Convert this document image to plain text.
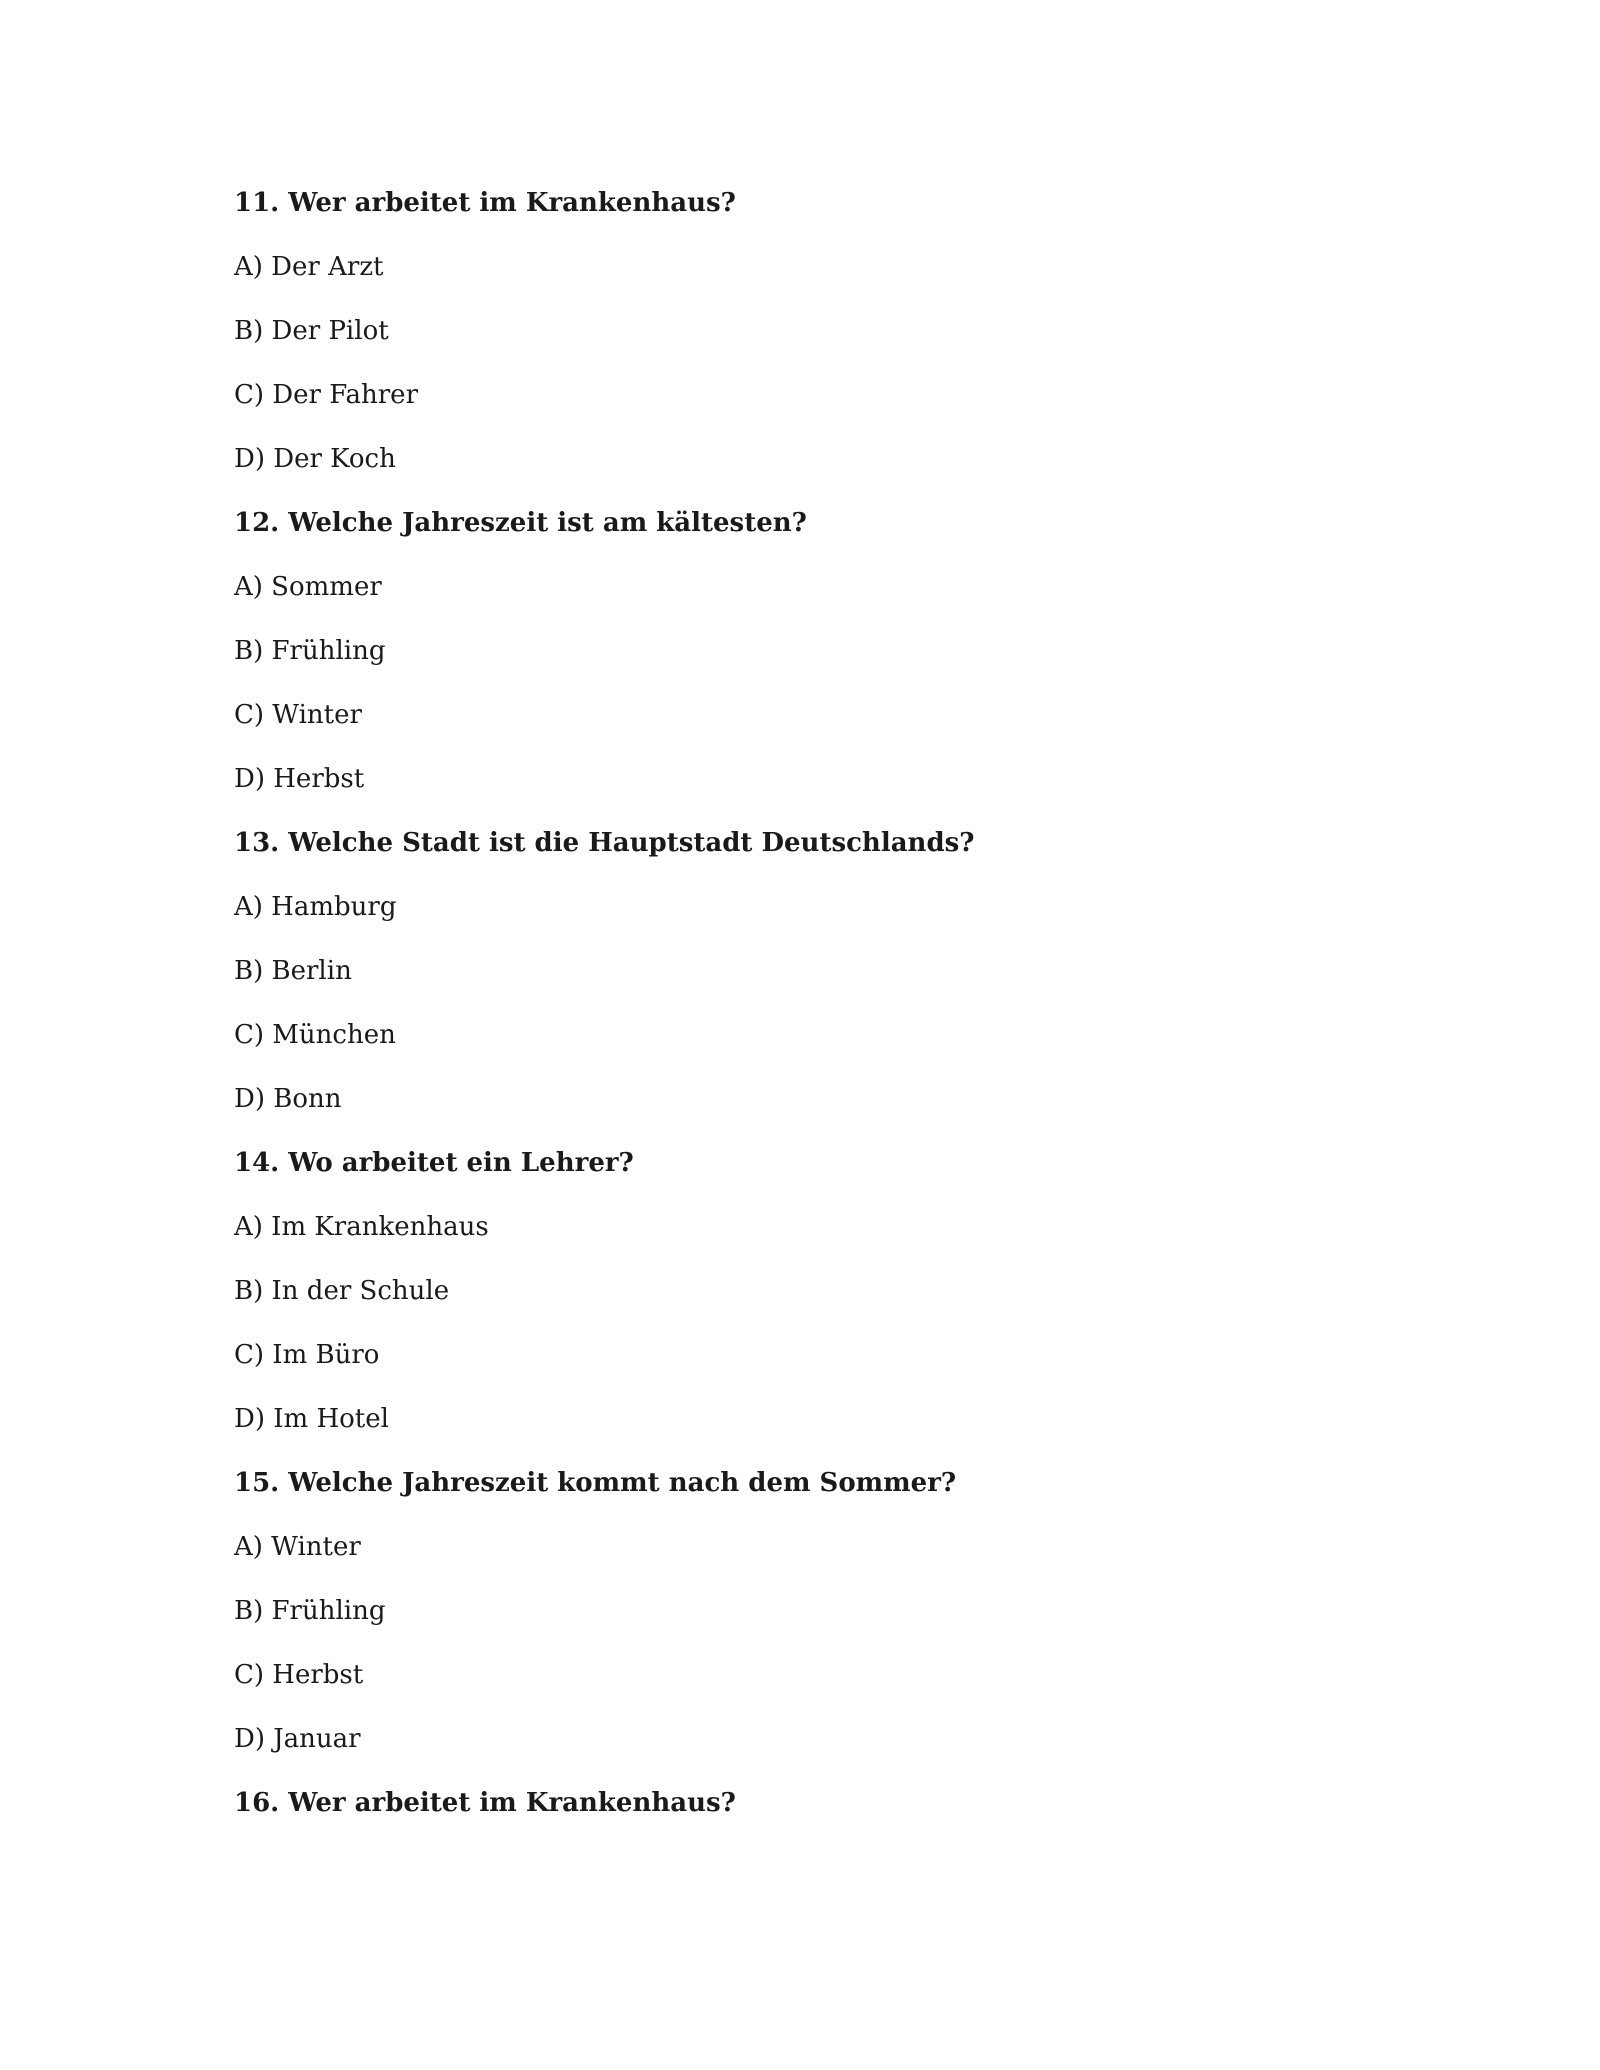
11. Wer arbeitet im Krankenhaus?
A) Der Arzt
B) Der Pilot
C) Der Fahrer
D) Der Koch
12. Welche Jahreszeit ist am kältesten?
A) Sommer
B) Frühling
C) Winter
D) Herbst
13. Welche Stadt ist die Hauptstadt Deutschlands?
A) Hamburg
B) Berlin
C) München
D) Bonn
14. Wo arbeitet ein Lehrer?
A) Im Krankenhaus
B) In der Schule
C) Im Büro
D) Im Hotel
15. Welche Jahreszeit kommt nach dem Sommer?
A) Winter
B) Frühling
C) Herbst
D) Januar
16. Wer arbeitet im Krankenhaus?
